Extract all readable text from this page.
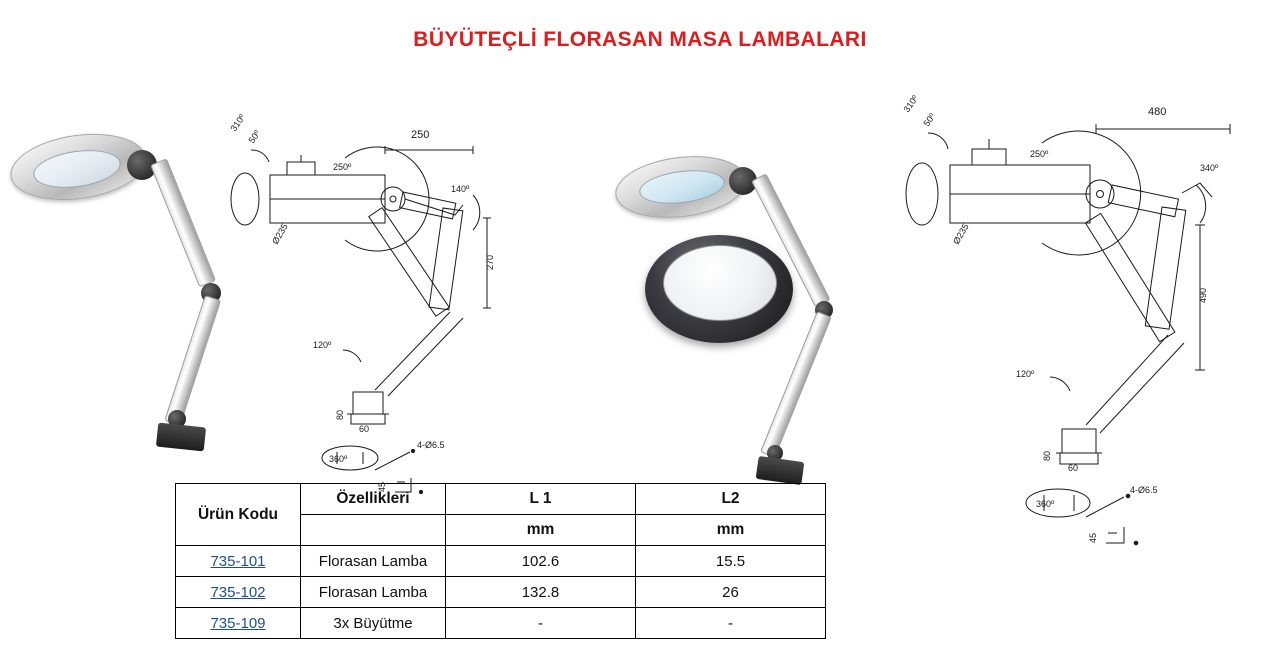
BÜYÜTEÇLİ FLORASAN MASA LAMBALARI
310º
50º	250
250º
140º
Ø235
270
120º
80
60
360º
4-Ø6.5
45
310º
50º	480
250º
340º
Ø235
490
120º
80
60
360º
4-Ø6.5
45
Ürün Kodu	Özellikleri	L 1	L2
		mm	mm
735-101	Florasan Lamba	102.6	15.5
735-102	Florasan Lamba	132.8	26
735-109	3x Büyütme	-	-
